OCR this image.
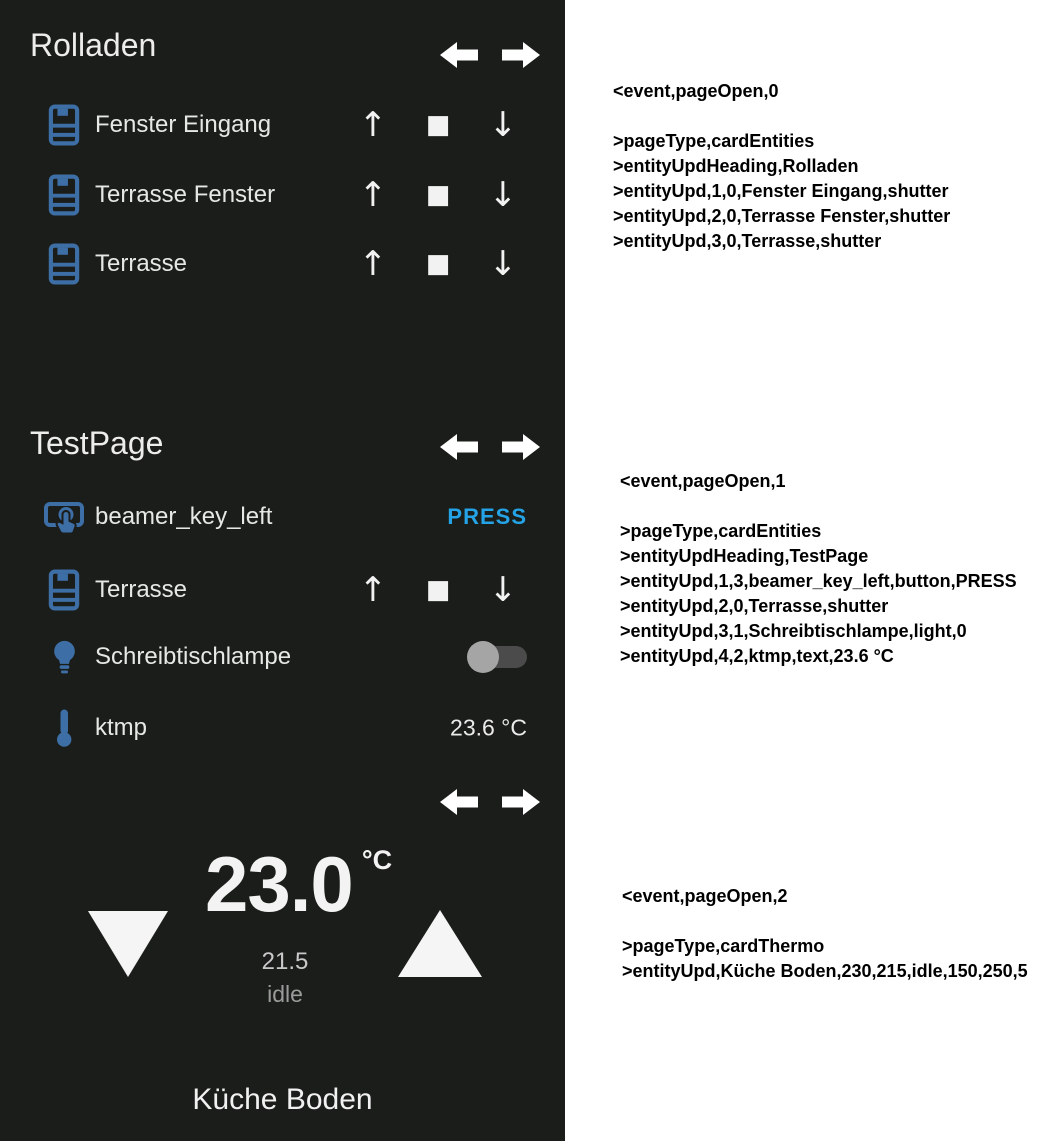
Rolladen
Fenster Eingang	↑	■ ↓
Terrasse Fenster ↑	■ ↓
Terrasse	↑	■ ↓
TestPage
beamer_key_left	PRESS
Terrasse	↑	■ ↓
Schreibtischlampe
ktmp	23.6 °C
23.0 °C
21.5
idle
Küche Boden
<event,pageOpen,0
>pageType,cardEntities
>entityUpdHeading,Rolladen
>entityUpd,1,0,Fenster Eingang,shutter
>entityUpd,2,0,Terrasse Fenster,shutter
>entityUpd,3,0,Terrasse,shutter
<event,pageOpen,1
>pageType,cardEntities
>entityUpdHeading,TestPage
>entityUpd,1,3,beamer_key_left,button,PRESS
>entityUpd,2,0,Terrasse,shutter
>entityUpd,3,1,Schreibtischlampe,light,0
>entityUpd,4,2,ktmp,text,23.6 °C
<event,pageOpen,2
>pageType,cardThermo
>entityUpd,Küche Boden,230,215,idle,150,250,5
